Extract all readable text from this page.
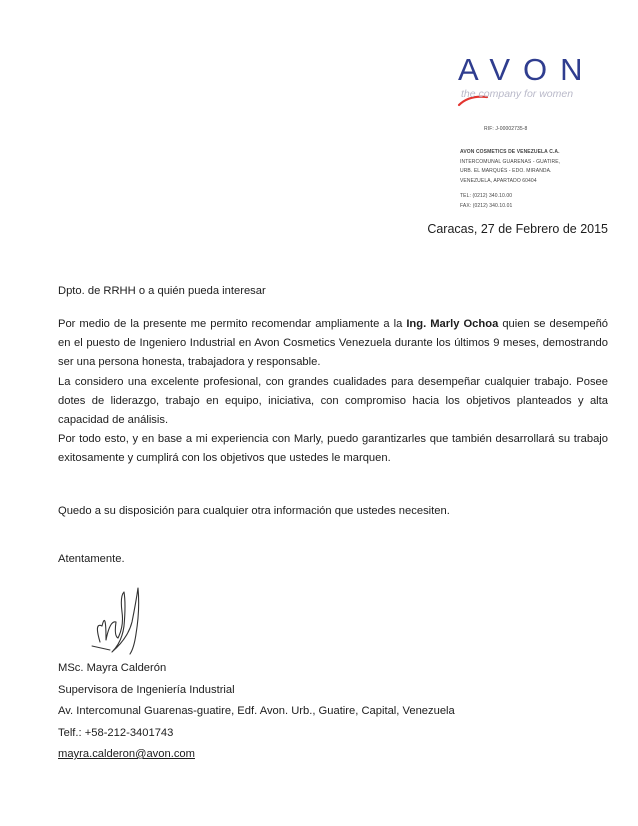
AVON
the company for women
RIF: J-00002735-8
AVON COSMETICS DE VENEZUELA C.A.
INTERCOMUNAL GUARENAS - GUATIRE,
URB. EL MARQUÉS - EDO. MIRANDA.
VENEZUELA, APARTADO 60404
TEL: (0212) 340.10.00
FAX: (0212) 340.10.01
Caracas, 27 de Febrero de 2015
Dpto. de RRHH o a quién pueda interesar

Por medio de la presente me permito recomendar ampliamente a la Ing. Marly Ochoa quien se desempeñó en el puesto de Ingeniero Industrial en Avon Cosmetics Venezuela durante los últimos 9 meses, demostrando ser una persona honesta, trabajadora y responsable.

La considero una excelente profesional, con grandes cualidades para desempeñar cualquier trabajo. Posee dotes de liderazgo, trabajo en equipo, iniciativa, con compromiso hacia los objetivos planteados y alta capacidad de análisis.

Por todo esto, y en base a mi experiencia con Marly, puedo garantizarles que también desarrollará su trabajo exitosamente y cumplirá con los objetivos que ustedes le marquen.

Quedo a su disposición para cualquier otra información que ustedes necesiten.
Atentamente.
MSc. Mayra Calderón
Supervisora de Ingeniería Industrial
Av. Intercomunal Guarenas-guatire, Edf. Avon. Urb., Guatire, Capital, Venezuela
Telf.: +58-212-3401743
mayra.calderon@avon.com
